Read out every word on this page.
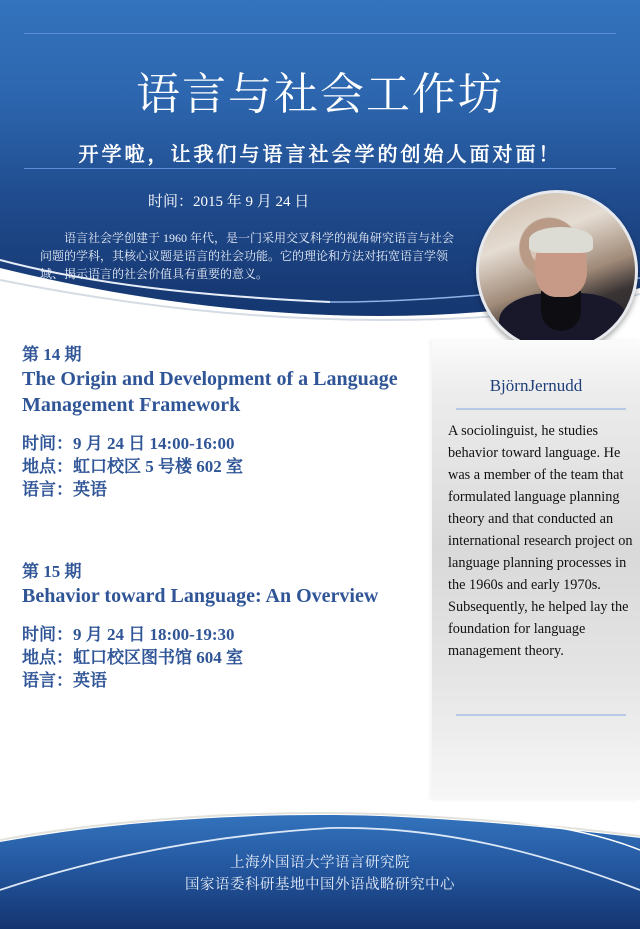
语言与社会工作坊
开学啦，让我们与语言社会学的创始人面对面！
时间：2015 年 9 月 24 日
语言社会学创建于 1960 年代，是一门采用交叉科学的视角研究语言与社会问题的学科，其核心议题是语言的社会功能。它的理论和方法对拓宽语言学领域、揭示语言的社会价值具有重要的意义。
第 14 期
The Origin and Development of a Language Management Framework
时间：9 月 24 日 14:00-16:00
地点：虹口校区 5 号楼 602 室
语言：英语
第 15 期
Behavior toward Language: An Overview
时间：9 月 24 日 18:00-19:30
地点：虹口校区图书馆 604 室
语言：英语
BjörnJernudd
A sociolinguist, he studies behavior toward language. He was a member of the team that formulated language planning theory and that conducted an international research project on language planning processes in the 1960s and early 1970s. Subsequently, he helped lay the foundation for language management theory.
上海外国语大学语言研究院
国家语委科研基地中国外语战略研究中心
